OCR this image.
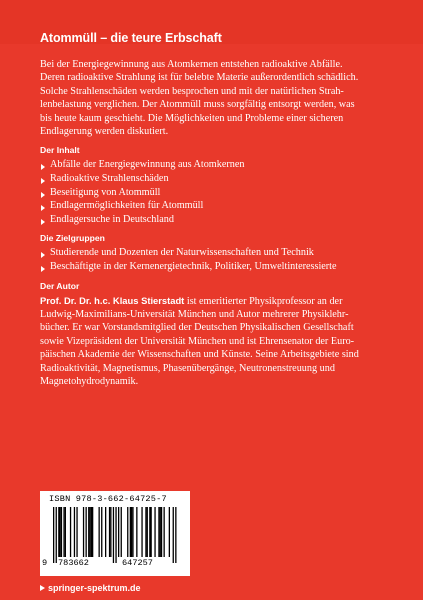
Atommüll – die teure Erbschaft

Bei der Energiegewinnung aus Atomkernen entstehen radioaktive Abfälle.

Deren radioaktive Strahlung ist für belebte Materie außerordentlich schädlich.

Solche Strahlenschäden werden besprochen und mit der natürlichen Strah-

lenbelastung verglichen. Der Atommüll muss sorgfältig entsorgt werden, was

bis heute kaum geschieht. Die Möglichkeiten und Probleme einer sicheren

Endlagerung werden diskutiert.

Der Inhalt
Abfälle der Energiegewinnung aus Atomkernen
Radioaktive Strahlenschäden
Beseitigung von Atommüll
Endlagermöglichkeiten für Atommüll
Endlagersuche in Deutschland
Die Zielgruppen
Studierende und Dozenten der Naturwissenschaften und Technik
Beschäftigte in der Kernenergietechnik, Politiker, Umweltinteressierte
Der Autor
Prof. Dr. Dr. h.c. Klaus Stierstadt ist emeritierter Physikprofessor an der
Ludwig-Maximilians-Universität München und Autor mehrerer Physiklehr-
bücher. Er war Vorstandsmitglied der Deutschen Physikalischen Gesellschaft
sowie Vizepräsident der Universität München und ist Ehrensenator der Euro-
päischen Akademie der Wissenschaften und Künste. Seine Arbeitsgebiete sind
Radioaktivität, Magnetismus, Phasenübergänge, Neutronenstreuung und
Magnetohydrodynamik.
ISBN 978-3-662-64725-7
9 783662	647257
springer-spektrum.de
